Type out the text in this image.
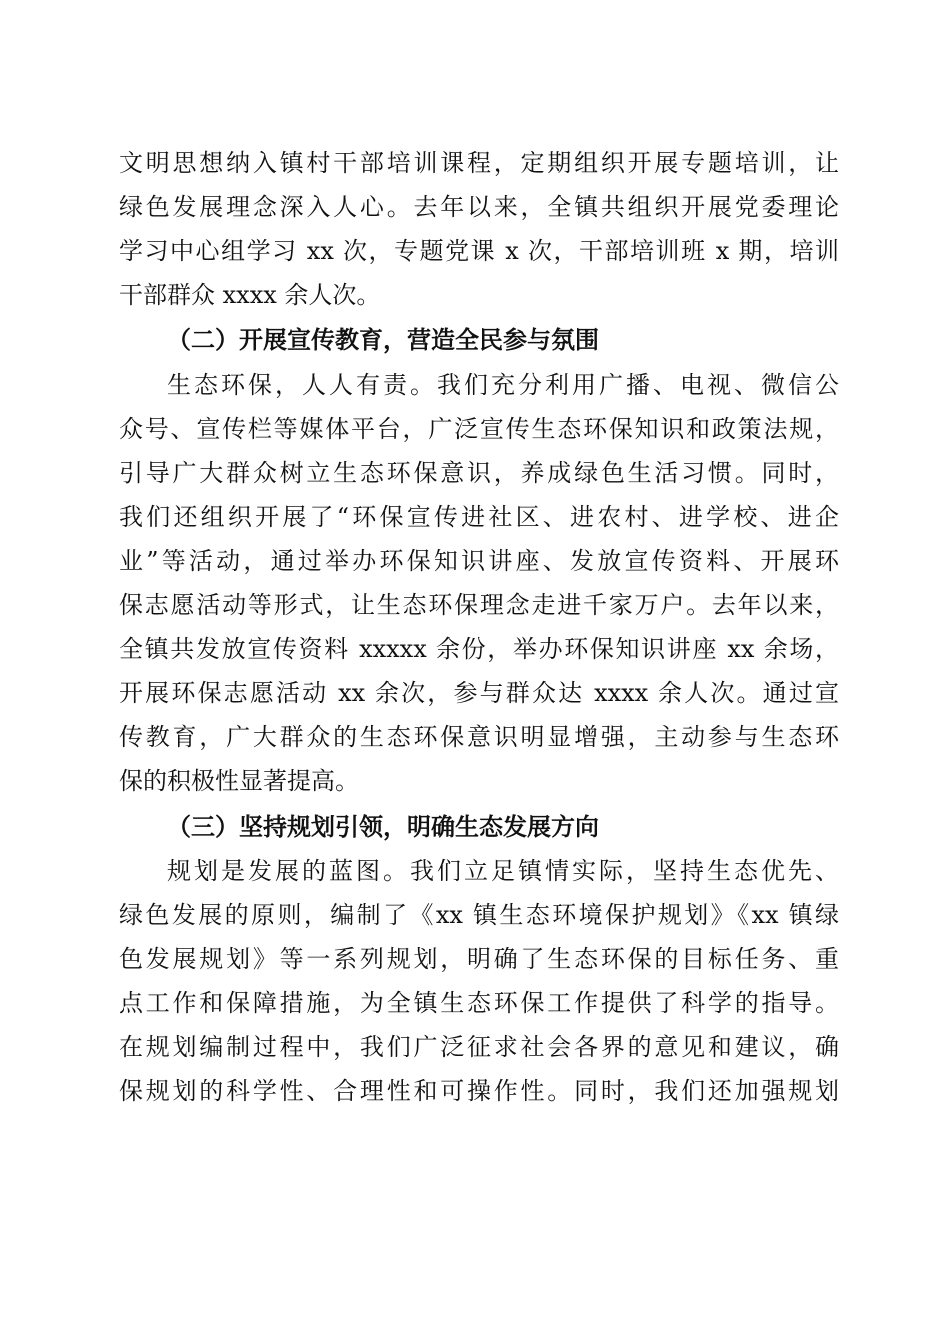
文明思想纳入镇村干部培训课程，定期组织开展专题培训，让
绿色发展理念深入人心。去年以来，全镇共组织开展党委理论
学习中心组学习 xx 次，专题党课 x 次，干部培训班 x 期，培训
干部群众 xxxx 余人次。
（二）开展宣传教育，营造全民参与氛围
生态环保，人人有责。我们充分利用广播、电视、微信公
众号、宣传栏等媒体平台，广泛宣传生态环保知识和政策法规，
引导广大群众树立生态环保意识，养成绿色生活习惯。同时，
我们还组织开展了“环保宣传进社区、进农村、进学校、进企
业”等活动，通过举办环保知识讲座、发放宣传资料、开展环
保志愿活动等形式，让生态环保理念走进千家万户。去年以来，
全镇共发放宣传资料 xxxxx 余份，举办环保知识讲座 xx 余场，
开展环保志愿活动 xx 余次，参与群众达 xxxx 余人次。通过宣
传教育，广大群众的生态环保意识明显增强，主动参与生态环
保的积极性显著提高。
（三）坚持规划引领，明确生态发展方向
规划是发展的蓝图。我们立足镇情实际，坚持生态优先、
绿色发展的原则，编制了《xx 镇生态环境保护规划》《xx 镇绿
色发展规划》等一系列规划，明确了生态环保的目标任务、重
点工作和保障措施，为全镇生态环保工作提供了科学的指导。
在规划编制过程中，我们广泛征求社会各界的意见和建议，确
保规划的科学性、合理性和可操作性。同时，我们还加强规划
